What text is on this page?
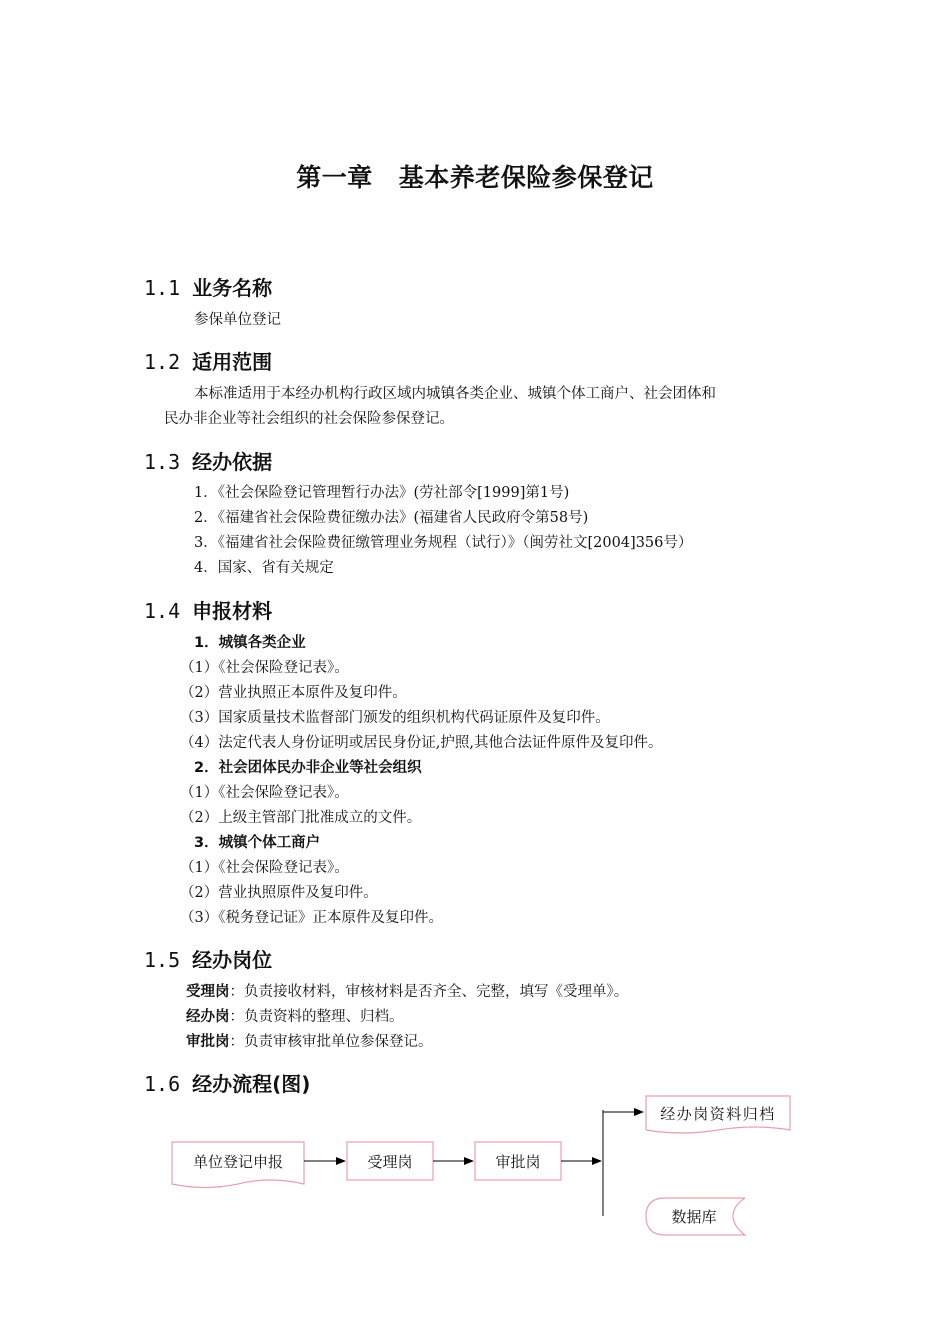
第一章 基本养老保险参保登记
1.1 业务名称
参保单位登记
1.2 适用范围
本标准适用于本经办机构行政区域内城镇各类企业、城镇个体工商户、社会团体和
民办非企业等社会组织的社会保险参保登记。
1.3 经办依据
1．《社会保险登记管理暂行办法》(劳社部令[1999]第1号)
2．《福建省社会保险费征缴办法》(福建省人民政府令第58号)
3．《福建省社会保险费征缴管理业务规程（试行）》（闽劳社文[2004]356号）
4．国家、省有关规定
1.4 申报材料
1．城镇各类企业
（1）《社会保险登记表》。
（2）营业执照正本原件及复印件。
（3）国家质量技术监督部门颁发的组织机构代码证原件及复印件。
（4）法定代表人身份证明或居民身份证,护照,其他合法证件原件及复印件。
2．社会团体民办非企业等社会组织
（1）《社会保险登记表》。
（2）上级主管部门批准成立的文件。
3．城镇个体工商户
（1）《社会保险登记表》。
（2）营业执照原件及复印件。
（3）《税务登记证》正本原件及复印件。
1.5 经办岗位
受理岗：负责接收材料，审核材料是否齐全、完整，填写《受理单》。
经办岗：负责资料的整理、归档。
审批岗：负责审核审批单位参保登记。
1.6 经办流程(图)
单位登记申报	受理岗	审批岗
经办岗资料归档
数据库
